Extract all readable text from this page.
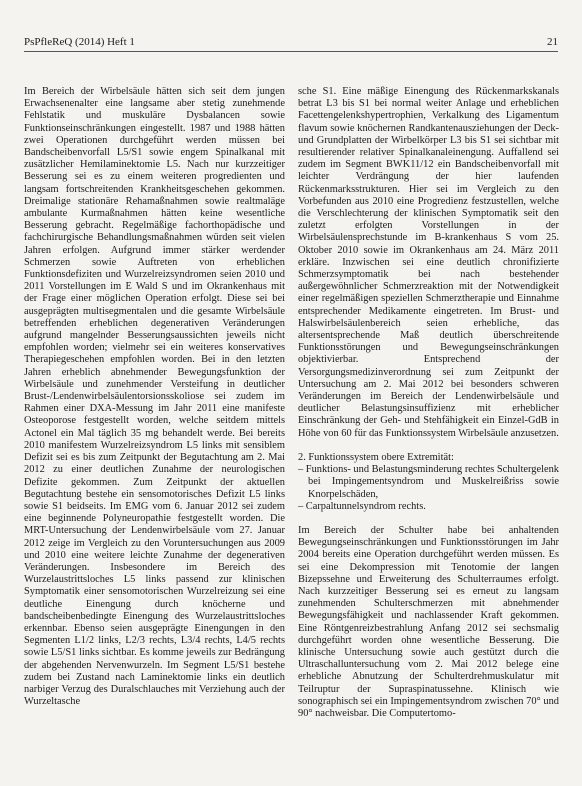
PsPfleReQ (2014) Heft 1	21

Im Bereich der Wirbelsäule hätten sich seit dem jungen Erwachsenenalter eine langsame aber stetig zunehmende Fehlstatik und muskuläre Dysbalancen sowie Funktionseinschränkungen eingestellt. 1987 und 1988 hätten zwei Operationen durchgeführt werden müssen bei Bandscheibenvorfall L5/S1 sowie engem Spinalkanal mit zusätzlicher Hemilaminektomie L5. Nach nur kurzzeitiger Besserung sei es zu einem weiteren progredienten und langsam fortschreitenden Krankheitsgeschehen gekommen. Dreimalige stationäre Rehamaßnahmen sowie realtmaläge ambulante Kurmaßnahmen hätten keine wesentliche Besserung gebracht. Regelmäßige fachorthopädische und fachchirurgische Behandlungsmaßnahmen würden seit vielen Jahren erfolgen. Aufgrund immer stärker werdender Schmerzen sowie Auftreten von erheblichen Funktionsdefiziten und Wurzelreizsyndromen seien 2010 und 2011 Vorstellungen im E Wald S und im Okrankenhaus mit der Frage einer möglichen Operation erfolgt. Diese sei bei ausgeprägten multisegmentalen und die gesamte Wirbelsäule betreffenden erheblichen degenerativen Veränderungen aufgrund mangelnder Besserungsaussichten jeweils nicht empfohlen worden; vielmehr sei ein weiteres konservatives Therapiegeschehen empfohlen worden. Bei in den letzten Jahren erheblich abnehmender Bewegungsfunktion der Wirbelsäule und zunehmender Versteifung in deutlicher Brust-/Lendenwirbelsäulentorsionsskoliose sei zudem im Rahmen einer DXA-Messung im Jahr 2011 eine manifeste Osteoporose festgestellt worden, welche seitdem mittels Actonel ein Mal täglich 35 mg behandelt werde. Bei bereits 2010 manifestem Wurzelreizsyndrom L5 links mit sensiblem Defizit sei es bis zum Zeitpunkt der Begutachtung am 2. Mai 2012 zu einer deutlichen Zunahme der neurologischen Defizite gekommen. Zum Zeitpunkt der aktuellen Begutachtung bestehe ein sensomotorisches Defizit L5 links sowie S1 beidseits. Im EMG vom 6. Januar 2012 sei zudem eine beginnende Polyneuropathie festgestellt worden. Die MRT-Untersuchung der Lendenwirbelsäule vom 27. Januar 2012 zeige im Vergleich zu den Voruntersuchungen aus 2009 und 2010 eine weitere leichte Zunahme der degenerativen Veränderungen. Insbesondere im Bereich des Wurzelaustrittsloches L5 links passend zur klinischen Symptomatik einer sensomotorischen Wurzelreizung sei eine deutliche Einengung durch knöcherne und bandscheibenbedingte Einengung des Wurzelaustrittsloches erkennbar. Ebenso seien ausgeprägte Einengungen in den Segmenten L1/2 links, L2/3 rechts, L3/4 rechts, L4/5 rechts sowie L5/S1 links sichtbar. Es komme jeweils zur Bedrängung der abgehenden Nervenwurzeln. Im Segment L5/S1 bestehe zudem bei Zustand nach Laminektomie links ein deutlich narbiger Verzug des Duralschlauches mit Verziehung auch der Wurzeltasche

sche S1. Eine mäßige Einengung des Rückenmarkskanals betrat L3 bis S1 bei normal weiter Anlage und erheblichen Facettengelenkshypertrophien, Verkalkung des Ligamentum flavum sowie knöchernen Randkantenausziehungen der Deck- und Grundplatten der Wirbelkörper L3 bis S1 sei sichtbar mit resultierender relativer Spinalkanaleinengung. Auffallend sei zudem im Segment BWK11/12 ein Bandscheibenvorfall mit leichter Verdrängung der hier laufenden Rückenmarksstrukturen. Hier sei im Vergleich zu den Vorbefunden aus 2010 eine Progredienz festzustellen, welche die Verschlechterung der klinischen Symptomatik seit den zuletzt erfolgten Vorstellungen in der Wirbelsäulensprechstunde im B-krankenhaus S vom 25. Oktober 2010 sowie im Okrankenhaus am 24. März 2011 erkläre. Inzwischen sei eine deutlich chronifizierte Schmerzsymptomatik bei nach bestehender außergewöhnlicher Schmerzreaktion mit der Notwendigkeit einer regelmäßigen speziellen Schmerztherapie und Einnahme entsprechender Medikamente eingetreten. Im Brust- und Halswirbelsäulenbereich seien erhebliche, das altersentsprechende Maß deutlich überschreitende Funktionsstörungen und Bewegungseinschränkungen objektivierbar. Entsprechend der Versorgungsmedizinverordnung sei zum Zeitpunkt der Untersuchung am 2. Mai 2012 bei besonders schweren Veränderungen im Bereich der Lendenwirbelsäule und deutlicher Belastungsinsuffizienz mit erheblicher Einschränkung der Geh- und Stehfähigkeit ein Einzel-GdB in Höhe von 60 für das Funktionssystem Wirbelsäule anzusetzen.

2. Funktionssystem obere Extremität:

– Funktions- und Belastungsminderung rechtes Schultergelenk bei Impingementsyndrom und Muskelreißriss sowie Knorpelschäden,

– Carpaltunnelsyndrom rechts.

Im Bereich der Schulter habe bei anhaltenden Bewegungseinschränkungen und Funktionsstörungen im Jahr 2004 bereits eine Operation durchgeführt werden müssen. Es sei eine Dekompression mit Tenotomie der langen Bizepssehne und Erweiterung des Schulterraumes erfolgt. Nach kurzzeitiger Besserung sei es erneut zu langsam zunehmenden Schulterschmerzen mit abnehmender Bewegungsfähigkeit und nachlassender Kraft gekommen. Eine Röntgenreizbestrahlung Anfang 2012 sei sechsmalig durchgeführt worden ohne wesentliche Besserung. Die klinische Untersuchung sowie auch gestützt durch die Ultraschalluntersuchung vom 2. Mai 2012 belege eine erhebliche Abnutzung der Schulterdrehmuskulatur mit Teilruptur der Supraspinatussehne. Klinisch wie sonographisch sei ein Impingementsyndrom zwischen 70° und 90° nachweisbar. Die Computertomo-
